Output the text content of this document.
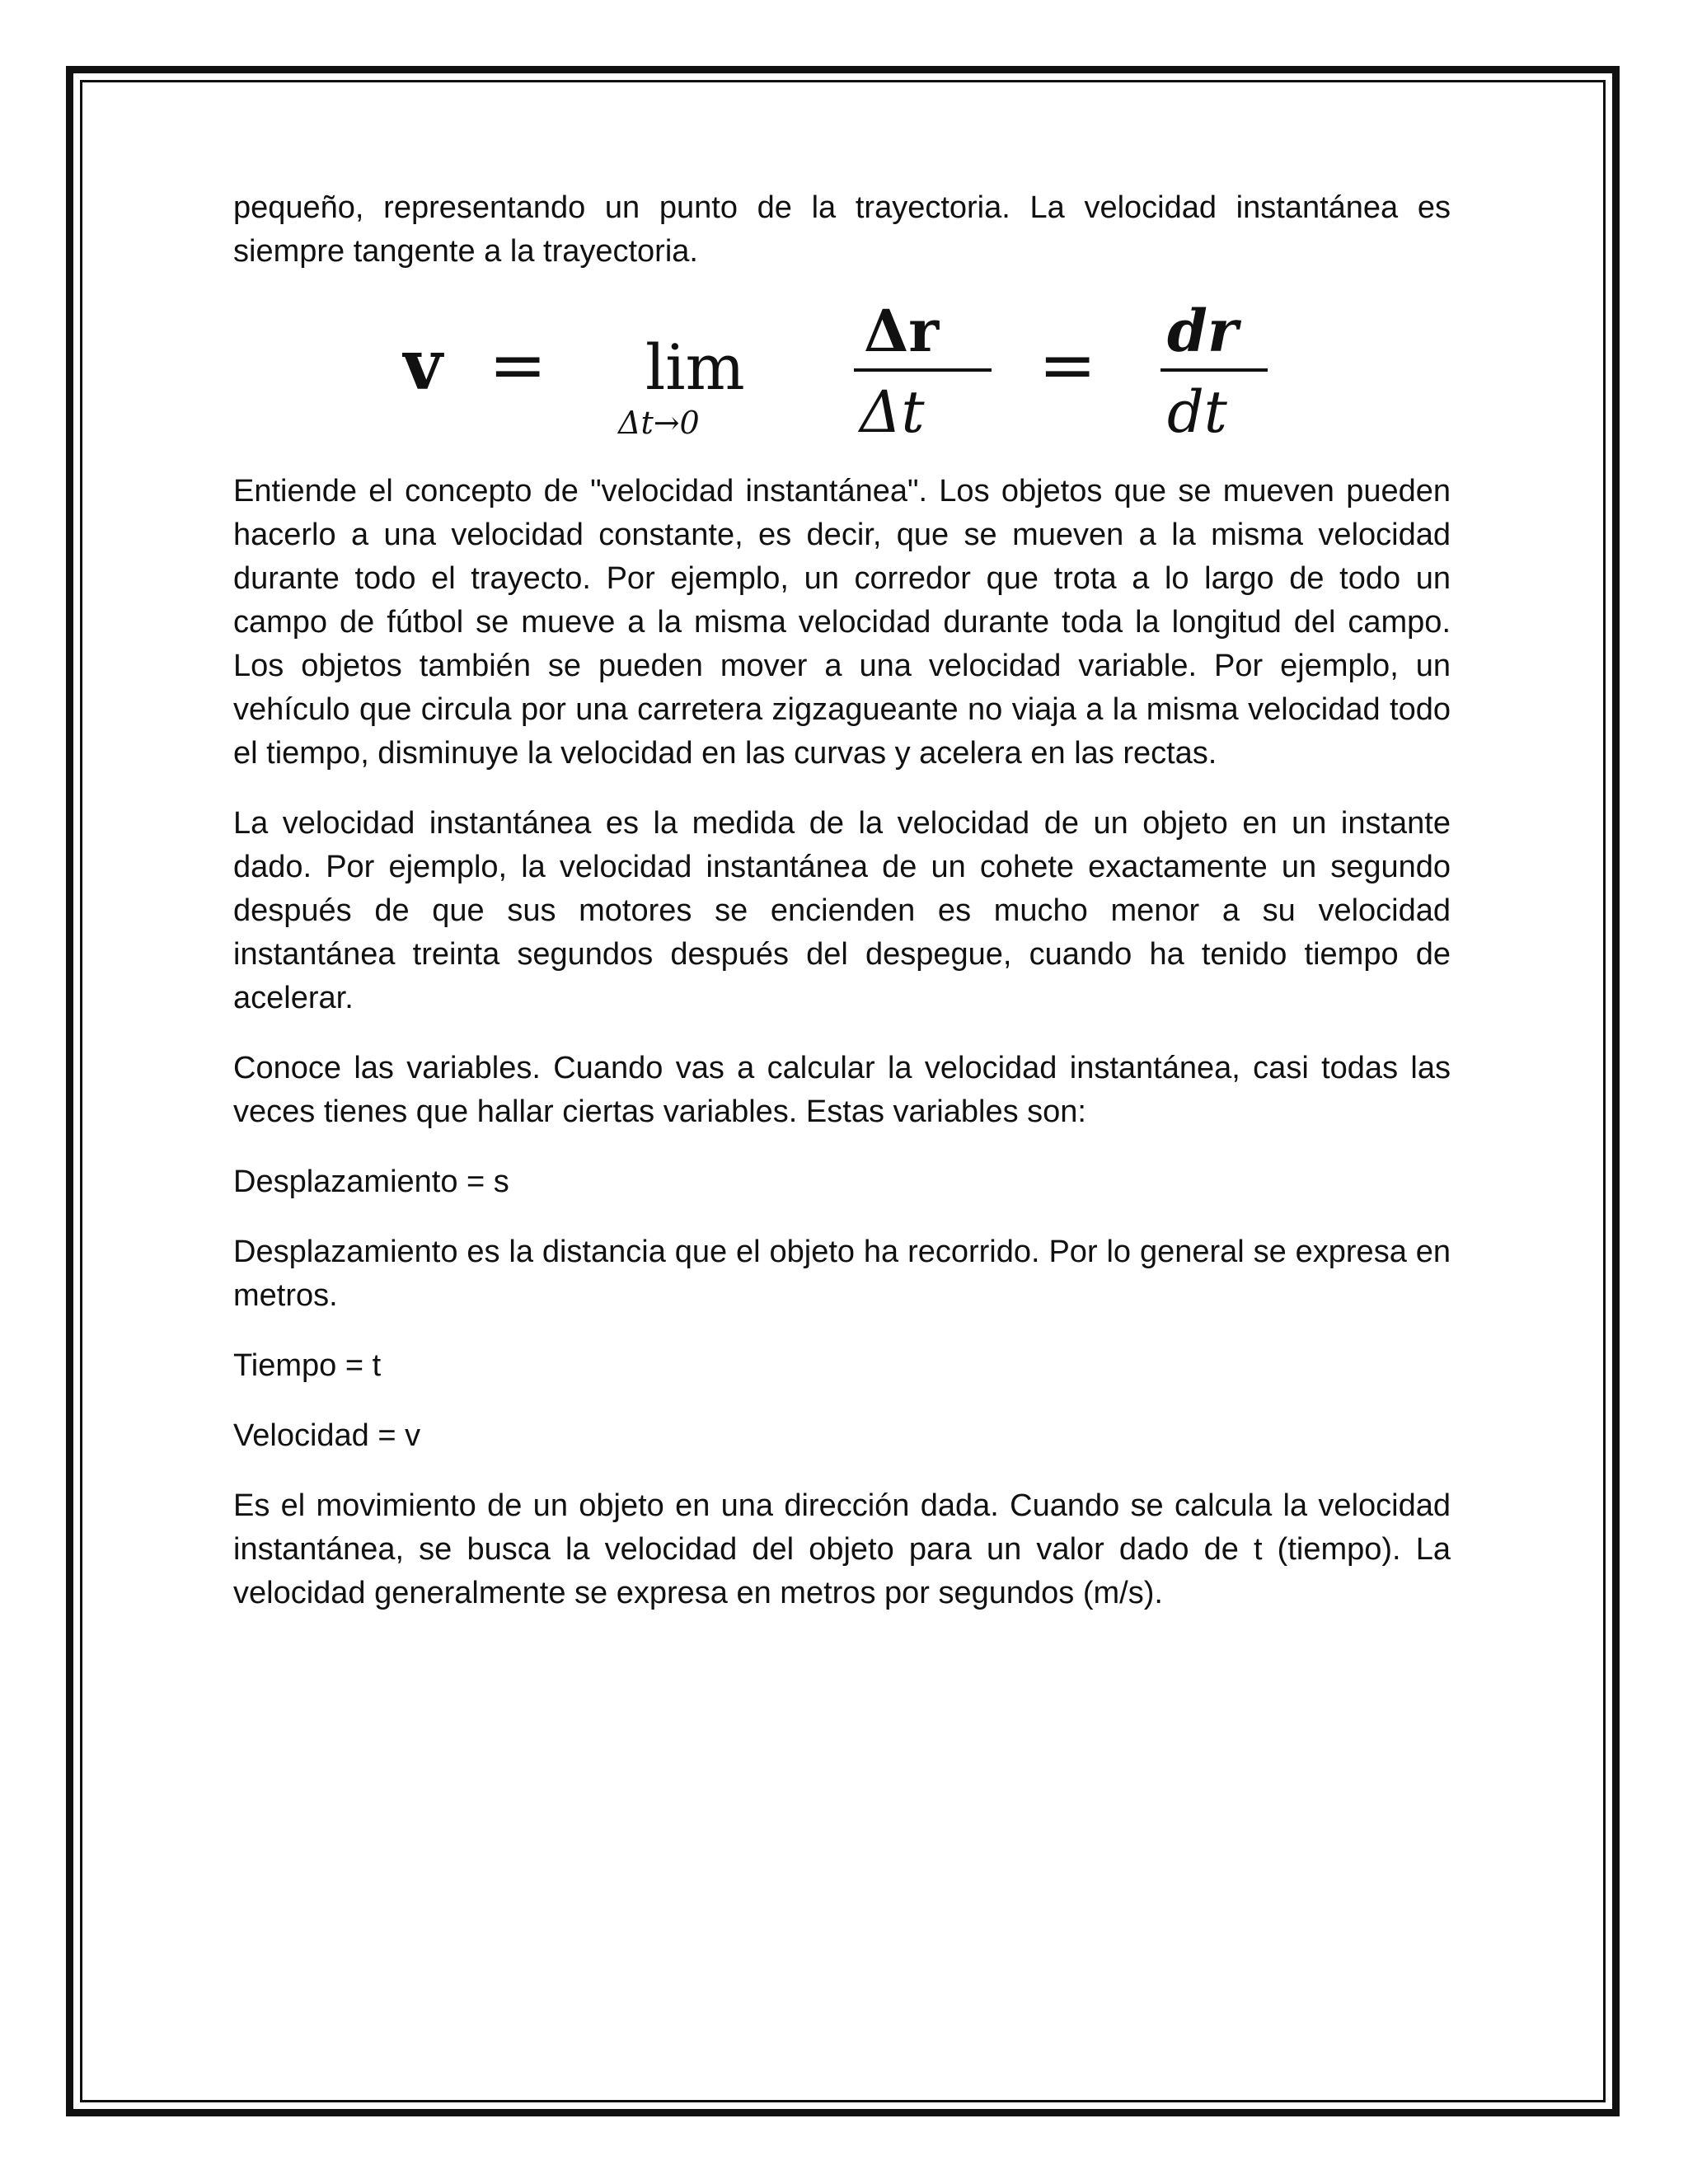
pequeño, representando un punto de la trayectoria. La velocidad instantánea es siempre tangente a la trayectoria.

v = lim
Δt→0
Δr
Δt
= dr
dt

Entiende el concepto de "velocidad instantánea". Los objetos que se mueven pueden hacerlo a una velocidad constante, es decir, que se mueven a la misma velocidad durante todo el trayecto. Por ejemplo, un corredor que trota a lo largo de todo un campo de fútbol se mueve a la misma velocidad durante toda la longitud del campo. Los objetos también se pueden mover a una velocidad variable. Por ejemplo, un vehículo que circula por una carretera zigzagueante no viaja a la misma velocidad todo el tiempo, disminuye la velocidad en las curvas y acelera en las rectas.

La velocidad instantánea es la medida de la velocidad de un objeto en un instante dado. Por ejemplo, la velocidad instantánea de un cohete exactamente un segundo después de que sus motores se encienden es mucho menor a su velocidad instantánea treinta segundos después del despegue, cuando ha tenido tiempo de acelerar.

Conoce las variables. Cuando vas a calcular la velocidad instantánea, casi todas las veces tienes que hallar ciertas variables. Estas variables son:

Desplazamiento = s

Desplazamiento es la distancia que el objeto ha recorrido. Por lo general se expresa en metros.

Tiempo = t

Velocidad = v

Es el movimiento de un objeto en una dirección dada. Cuando se calcula la velocidad instantánea, se busca la velocidad del objeto para un valor dado de t (tiempo). La velocidad generalmente se expresa en metros por segundos (m/s).
